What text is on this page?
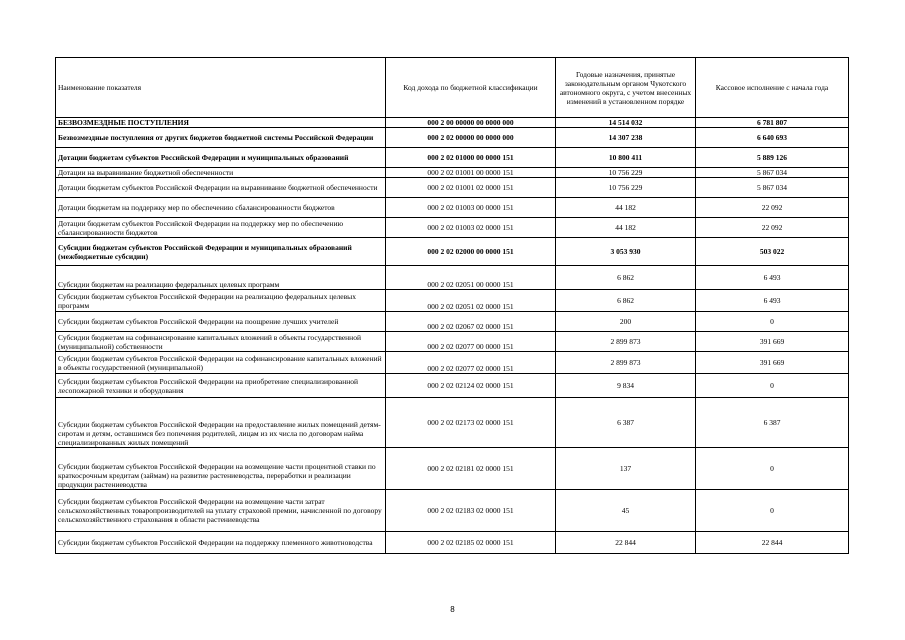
Наименование показателя	Код дохода по бюджетной классификации	Годовые назначения, принятые законодательным органом Чукотского автономного округа, с учетом внесенных изменений в установленном порядке	Кассовое исполнение с начала года
БЕЗВОЗМЕЗДНЫЕ ПОСТУПЛЕНИЯ	000 2 00 00000 00 0000 000	14 514 032	6 781 807
Безвозмездные поступления от других бюджетов бюджетной системы Российской Федерации	000 2 02 00000 00 0000 000	14 307 238	6 640 693
Дотации бюджетам субъектов Российской Федерации и муниципальных образований	000 2 02 01000 00 0000 151	10 800 411	5 889 126
Дотации на выравнивание бюджетной обеспеченности	000 2 02 01001 00 0000 151	10 756 229	5 867 034
Дотации бюджетам субъектов Российской Федерации на выравнивание бюджетной обеспеченности	000 2 02 01001 02 0000 151	10 756 229	5 867 034
Дотации бюджетам на поддержку мер по обеспечению сбалансированности бюджетов	000 2 02 01003 00 0000 151	44 182	22 092
Дотации бюджетам субъектов Российской Федерации на поддержку мер по обеспечению сбалансированности бюджетов	000 2 02 01003 02 0000 151	44 182	22 092
Субсидии бюджетам субъектов Российской Федерации и муниципальных образований (межбюджетные субсидии)	000 2 02 02000 00 0000 151	3 053 930	503 022
Субсидии бюджетам на реализацию федеральных целевых программ	000 2 02 02051 00 0000 151	6 862	6 493
Субсидии бюджетам субъектов Российской Федерации на реализацию федеральных целевых программ	000 2 02 02051 02 0000 151	6 862	6 493
Субсидии бюджетам субъектов Российской Федерации на поощрение лучших учителей	000 2 02 02067 02 0000 151	200	0
Субсидии бюджетам на софинансирование капитальных вложений в объекты государственной (муниципальной) собственности	000 2 02 02077 00 0000 151	2 899 873	391 669
Субсидии бюджетам субъектов Российской Федерации на софинансирование капитальных вложений в объекты государственной (муниципальной)	000 2 02 02077 02 0000 151	2 899 873	391 669
Субсидии бюджетам субъектов Российской Федерации на приобретение специализированной лесопожарной техники и оборудования	000 2 02 02124 02 0000 151	9 834	0
Субсидии бюджетам субъектов Российской Федерации на предоставление жилых помещений детям-сиротам и детям, оставшимся без попечения родителей, лицам из их числа по договорам найма специализированных жилых помещений	000 2 02 02173 02 0000 151	6 387	6 387
Субсидии бюджетам субъектов Российской Федерации на возмещение части процентной ставки по краткосрочным кредитам (займам) на развитие растениеводства, переработки и реализации продукции растениеводства	000 2 02 02181 02 0000 151	137	0
Субсидии бюджетам субъектов Российской Федерации на возмещение части затрат сельскохозяйственных товаропроизводителей на уплату страховой премии, начисленной по договору сельскохозяйственного страхования в области растениеводства	000 2 02 02183 02 0000 151	45	0
Субсидии бюджетам субъектов Российской Федерации на поддержку племенного животноводства	000 2 02 02185 02 0000 151	22 844	22 844
8
